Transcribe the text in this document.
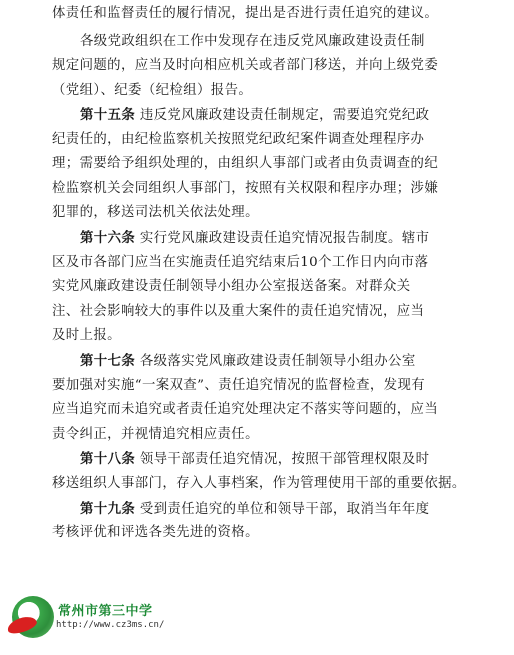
体责任和监督责任的履行情况，提出是否进行责任追究的建议。
各级党政组织在工作中发现存在违反党风廉政建设责任制
规定问题的，应当及时向相应机关或者部门移送，并向上级党委
（党组）、纪委（纪检组）报告。
第十五条 违反党风廉政建设责任制规定，需要追究党纪政
纪责任的，由纪检监察机关按照党纪政纪案件调查处理程序办
理；需要给予组织处理的，由组织人事部门或者由负责调查的纪
检监察机关会同组织人事部门，按照有关权限和程序办理；涉嫌
犯罪的，移送司法机关依法处理。
第十六条 实行党风廉政建设责任追究情况报告制度。辖市
区及市各部门应当在实施责任追究结束后10个工作日内向市落
实党风廉政建设责任制领导小组办公室报送备案。对群众关
注、社会影响较大的事件以及重大案件的责任追究情况，应当
及时上报。
第十七条 各级落实党风廉政建设责任制领导小组办公室
要加强对实施“一案双查”、责任追究情况的监督检查，发现有
应当追究而未追究或者责任追究处理决定不落实等问题的，应当
责令纠正，并视情追究相应责任。
第十八条 领导干部责任追究情况，按照干部管理权限及时
移送组织人事部门，存入人事档案，作为管理使用干部的重要依据。
第十九条 受到责任追究的单位和领导干部，取消当年年度
考核评优和评选各类先进的资格。
常州市第三中学
http://www.cz3ms.cn/
